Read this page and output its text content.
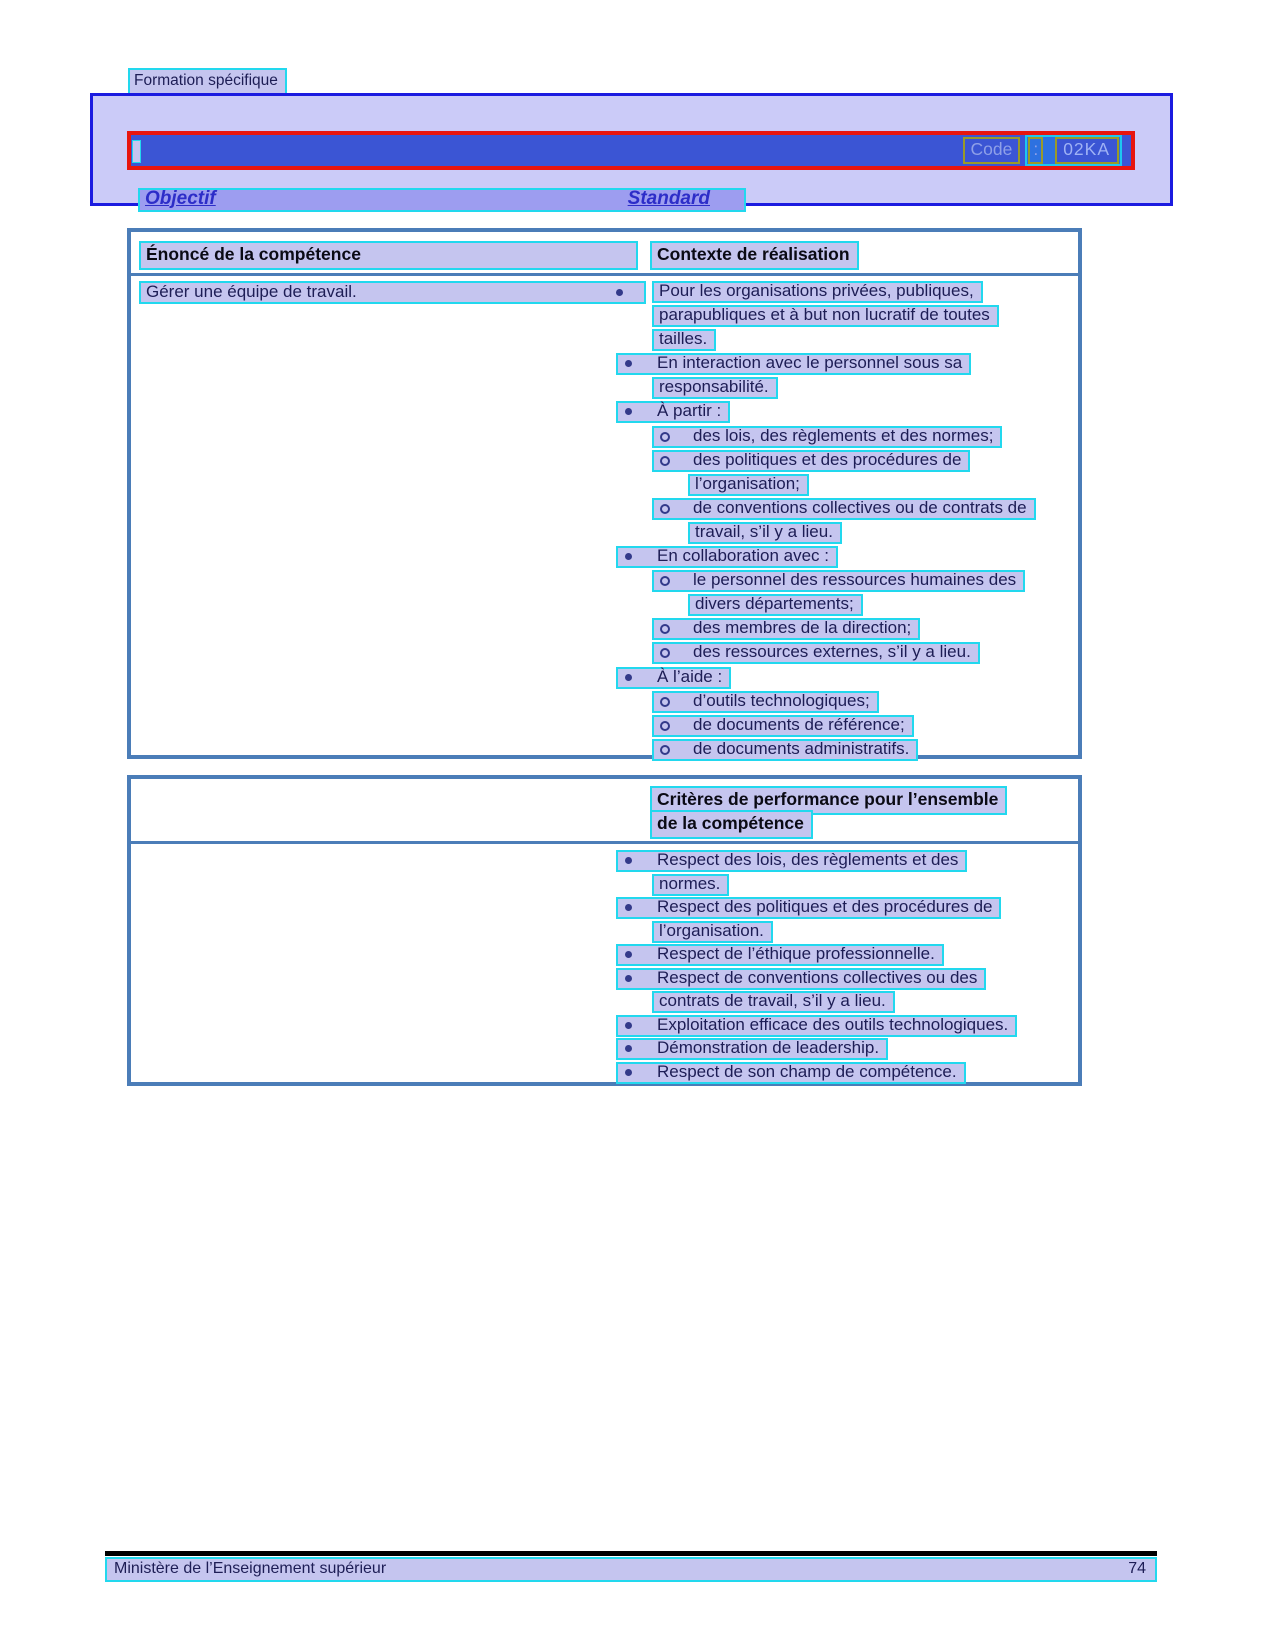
Formation spécifique
Code	:	02KA
Objectif	Standard
Énoncé de la compétence	Contexte de réalisation
Gérer une équipe de travail.	Pour les organisations privées, publiques,
parapubliques et à but non lucratif de toutes
tailles.
En interaction avec le personnel sous sa
responsabilité.
À partir :
des lois, des règlements et des normes;
des politiques et des procédures de
l’organisation;
de conventions collectives ou de contrats de
travail, s’il y a lieu.
En collaboration avec :
le personnel des ressources humaines des
divers départements;
des membres de la direction;
des ressources externes, s’il y a lieu.
À l’aide :
d’outils technologiques;
de documents de référence;
de documents administratifs.
Critères de performance pour l’ensemble
de la compétence
Respect des lois, des règlements et des
normes.
Respect des politiques et des procédures de
l’organisation.
Respect de l’éthique professionnelle.
Respect de conventions collectives ou des
contrats de travail, s’il y a lieu.
Exploitation efficace des outils technologiques.
Démonstration de leadership.
Respect de son champ de compétence.
Ministère de l’Enseignement supérieur	74
